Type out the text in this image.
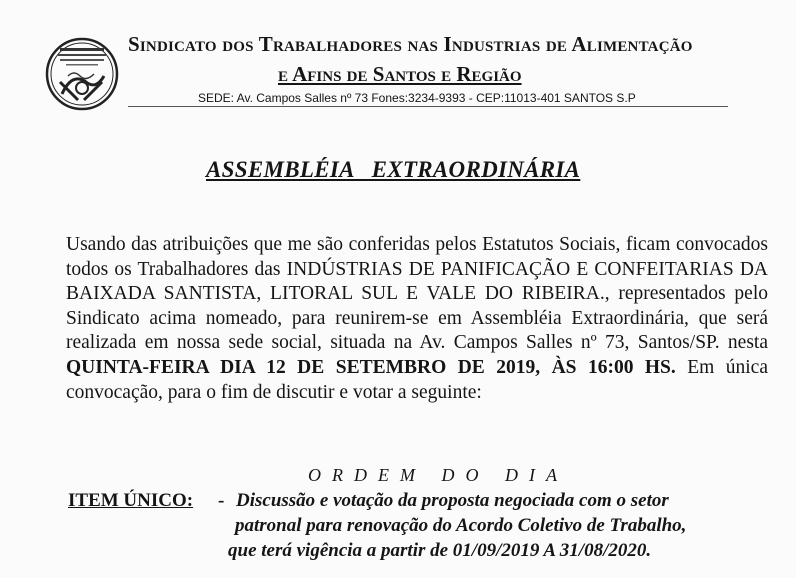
Sindicato dos Trabalhadores nas Industrias de Alimentação
e Afins de Santos e Região
SEDE: Av. Campos Salles nº 73 Fones:3234-9393 - CEP:11013-401 SANTOS S.P
ASSEMBLÉIA   EXTRAORDINÁRIA
Usando das atribuições que me são conferidas pelos Estatutos Sociais, ficam convocados todos os Trabalhadores das INDÚSTRIAS DE PANIFICAÇÃO E CONFEITARIAS DA BAIXADA SANTISTA, LITORAL SUL E VALE DO RIBEIRA., representados pelo Sindicato acima nomeado, para reunirem-se em Assembléia Extraordinária, que será realizada em nossa sede social, situada na Av. Campos Salles nº 73, Santos/SP. nesta QUINTA-FEIRA DIA 12 DE SETEMBRO DE 2019, ÀS 16:00 HS. Em única convocação, para o fim de discutir e votar a seguinte:
ORDEM DO DIA
ITEM ÚNICO: - Discussão e votação da proposta negociada com o setor
patronal para renovação do Acordo Coletivo de Trabalho,
que terá vigência a partir de 01/09/2019 A 31/08/2020.
